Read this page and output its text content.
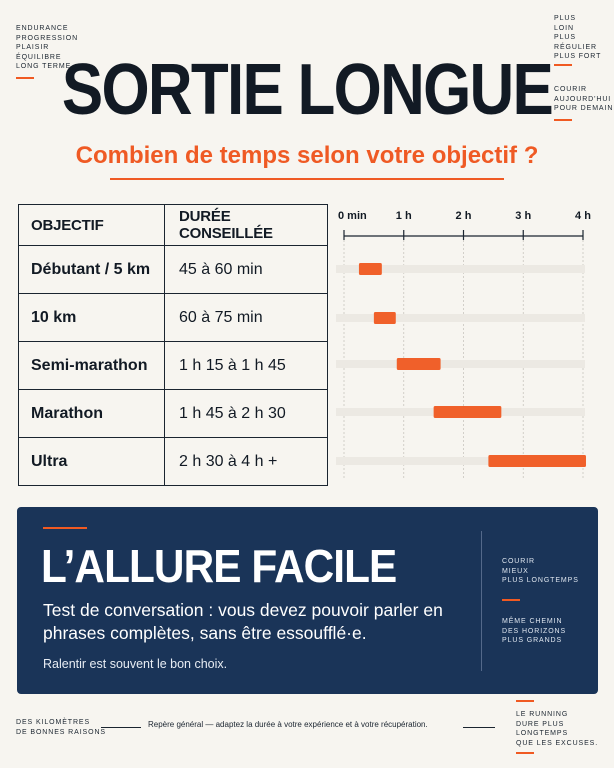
ENDURANCE
PROGRESSION
PLAISIR
ÉQUILIBRE
LONG TERME
PLUS
LOIN
PLUS
RÉGULIER
PLUS FORT
COURIR
AUJOURD'HUI
POUR DEMAIN
SORTIE LONGUE
Combien de temps selon votre objectif ?
OBJECTIF	DURÉE CONSEILLÉE
Débutant / 5 km	45 à 60 min
10 km	60 à 75 min
Semi-marathon	1 h 15 à 1 h 45
Marathon	1 h 45 à 2 h 30
Ultra	2 h 30 à 4 h +
0 min	1 h	2 h	3 h	4 h
L’ALLURE FACILE
Test de conversation : vous devez pouvoir parler en phrases complètes, sans être essoufflé·e.
Ralentir est souvent le bon choix.
COURIR
MIEUX
PLUS LONGTEMPS
MÊME CHEMIN
DES HORIZONS
PLUS GRANDS
DES KILOMÈTRES
DE BONNES RAISONS
Repère général — adaptez la durée à votre expérience et à votre récupération.
LE RUNNING
DURE PLUS LONGTEMPS
QUE LES EXCUSES.
